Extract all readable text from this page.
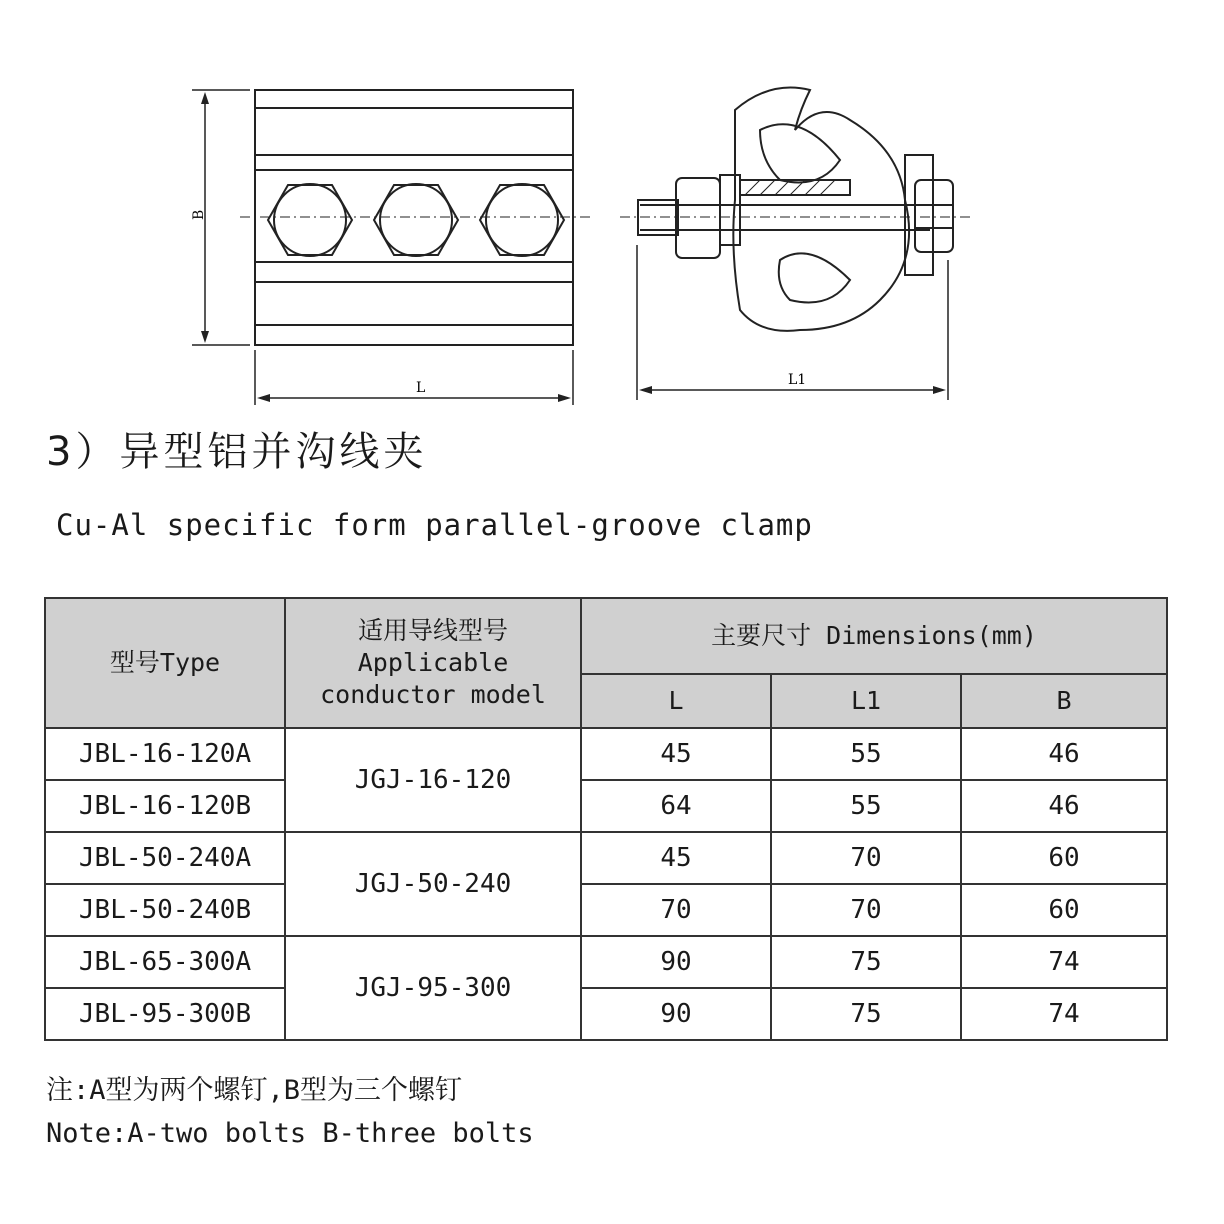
B
L	L1
3）异型铝并沟线夹
Cu-Al specific form parallel-groove clamp
型号Type	适用导线型号
Applicable conductor model	主要尺寸 Dimensions(mm)		
		L	L1	B
JBL-16-120A	JGJ-16-120	45	55	46
JBL-16-120B		64	55	46
JBL-50-240A	JGJ-50-240	45	70	60
JBL-50-240B		70	70	60
JBL-65-300A	JGJ-95-300	90	75	74
JBL-95-300B		90	75	74
注:A型为两个螺钉,B型为三个螺钉
Note:A-two bolts B-three bolts
